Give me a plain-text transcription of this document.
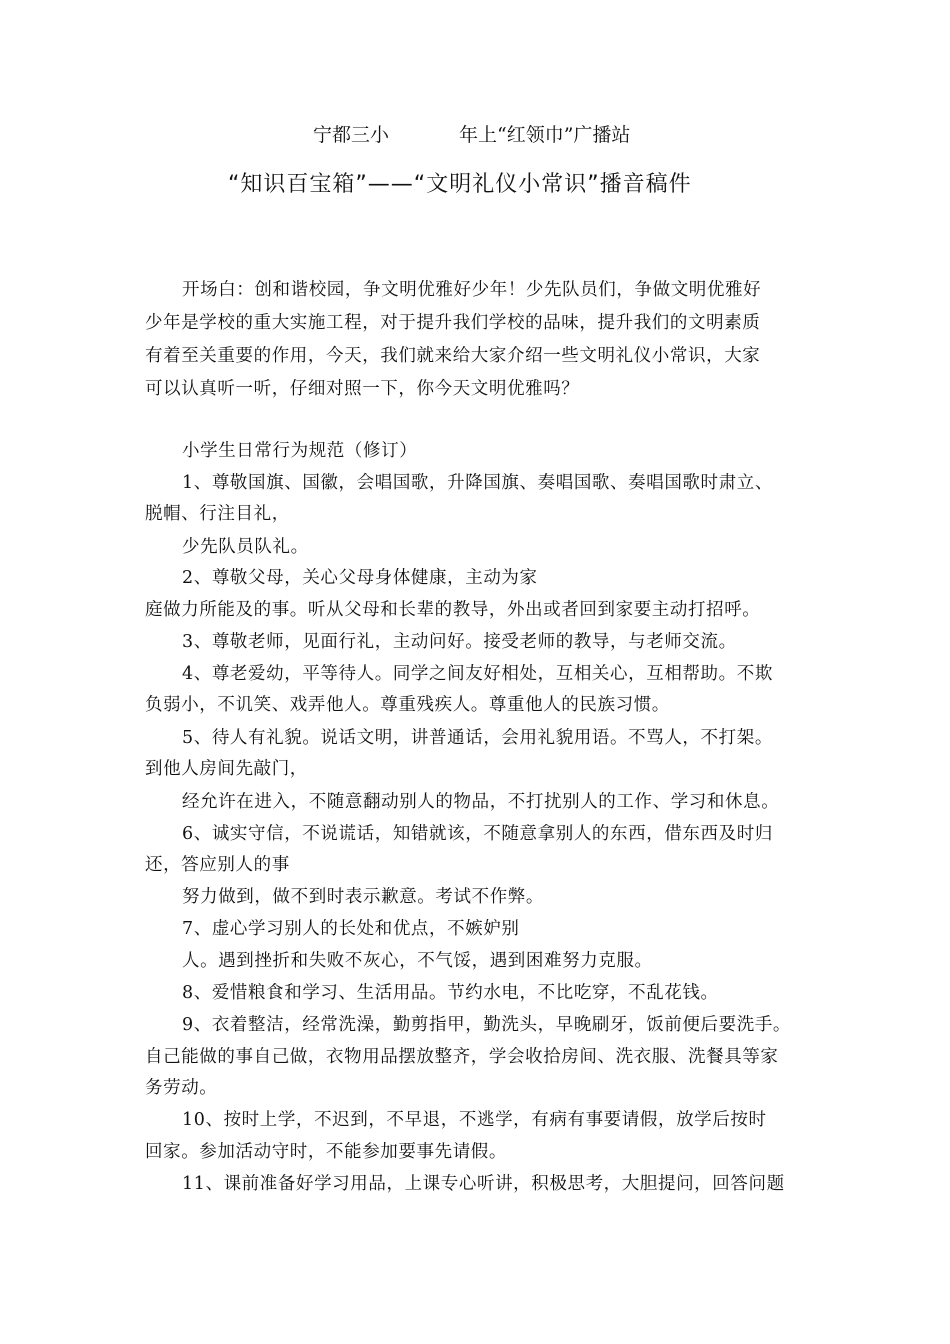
宁都三小	年上“红领巾”广播站
“知识百宝箱”——“文明礼仪小常识”播音稿件
开场白：创和谐校园，争文明优雅好少年！少先队员们，争做文明优雅好
少年是学校的重大实施工程，对于提升我们学校的品味，提升我们的文明素质
有着至关重要的作用，今天，我们就来给大家介绍一些文明礼仪小常识，大家
可以认真听一听，仔细对照一下，你今天文明优雅吗？
小学生日常行为规范（修订）
1、尊敬国旗、国徽，会唱国歌，升降国旗、奏唱国歌、奏唱国歌时肃立、
脱帽、行注目礼，
少先队员队礼。
2、尊敬父母，关心父母身体健康，主动为家
庭做力所能及的事。听从父母和长辈的教导，外出或者回到家要主动打招呼。
3、尊敬老师，见面行礼，主动问好。接受老师的教导，与老师交流。
4、尊老爱幼，平等待人。同学之间友好相处，互相关心，互相帮助。不欺
负弱小，不讥笑、戏弄他人。尊重残疾人。尊重他人的民族习惯。
5、待人有礼貌。说话文明，讲普通话，会用礼貌用语。不骂人，不打架。
到他人房间先敲门，
经允许在进入，不随意翻动别人的物品，不打扰别人的工作、学习和休息。
6、诚实守信，不说谎话，知错就该，不随意拿别人的东西，借东西及时归
还，答应别人的事
努力做到，做不到时表示歉意。考试不作弊。
7、虚心学习别人的长处和优点，不嫉妒别
人。遇到挫折和失败不灰心，不气馁，遇到困难努力克服。
8、爱惜粮食和学习、生活用品。节约水电，不比吃穿，不乱花钱。
9、衣着整洁，经常洗澡，勤剪指甲，勤洗头，早晚刷牙，饭前便后要洗手。
自己能做的事自己做，衣物用品摆放整齐，学会收拾房间、洗衣服、洗餐具等家
务劳动。
10、按时上学，不迟到，不早退，不逃学，有病有事要请假，放学后按时
回家。参加活动守时，不能参加要事先请假。
11、课前准备好学习用品，上课专心听讲，积极思考，大胆提问，回答问题
